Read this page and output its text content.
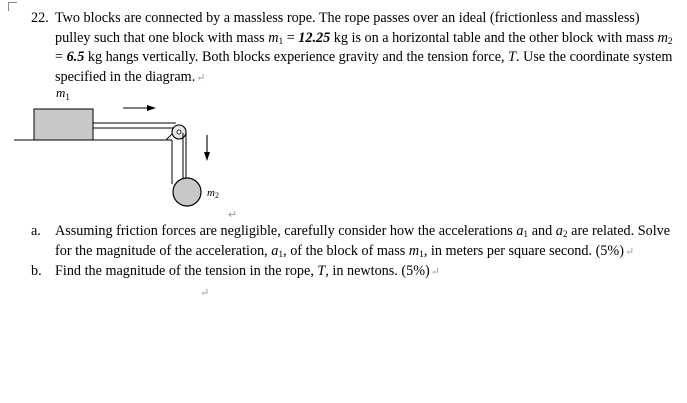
22. Two blocks are connected by a massless rope. The rope passes over an ideal (frictionless and massless) pulley such that one block with mass $m_1 = 12.25$ kg is on a horizontal table and the other block with mass $m_2 = 6.5$ kg hangs vertically. Both blocks experience gravity and the tension force, T. Use the coordinate system specified in the diagram.↵
$m_1$
m2
↵
a. Assuming friction forces are negligible, carefully consider how the accelerations $a_1$ and $a_2$ are related. Solve for the magnitude of the acceleration, $a_1$, of the block of mass $m_1$, in meters per square second. (5%)↵
b. Find the magnitude of the tension in the rope, T, in newtons. (5%)↵
↵
